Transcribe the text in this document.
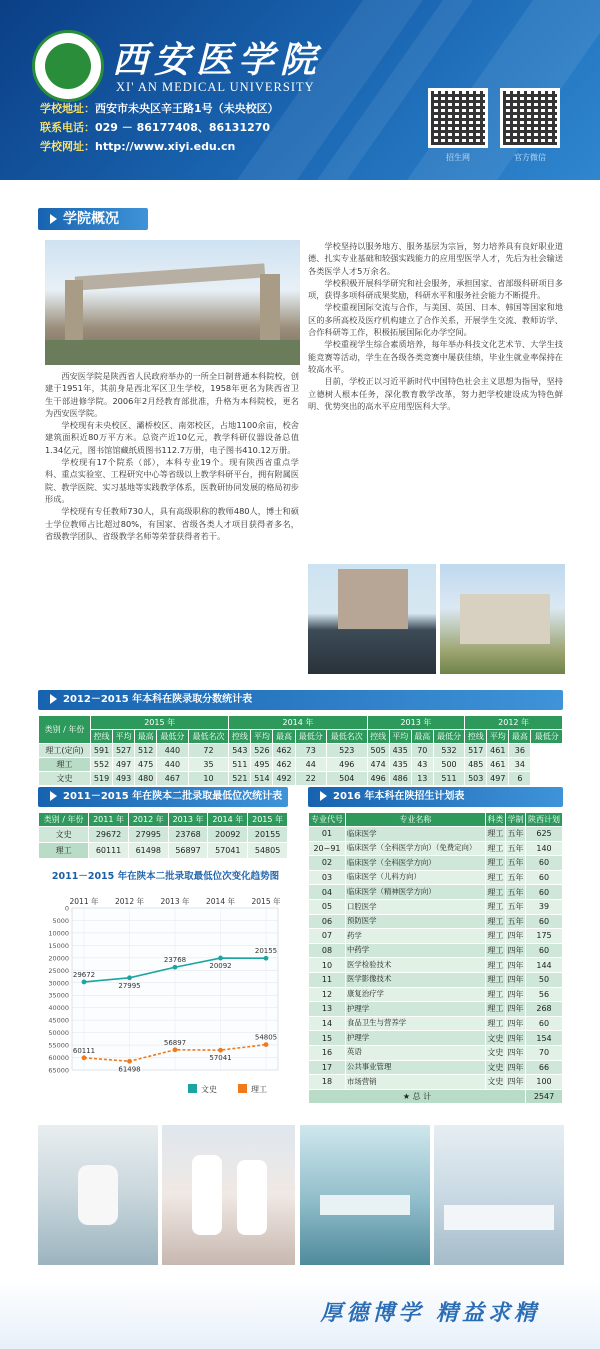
西安医学院
XI' AN MEDICAL UNIVERSITY
学校地址：西安市未央区辛王路1号（未央校区）
联系电话：029 － 86177408、86131270
学校网址：http://www.xiyi.edu.cn
招生网	官方微信
学院概况

西安医学院是陕西省人民政府举办的一所全日制普通本科院校，创建于1951年，其前身是西北军区卫生学校，1958年更名为陕西省卫生干部进修学院。2006年2月经教育部批准，升格为本科院校，更名为西安医学院。

学校现有未央校区、灞桥校区、南郊校区，占地1100余亩，校舍建筑面积近80万平方米。总资产近10亿元，教学科研仪器设备总值1.34亿元，图书馆馆藏纸质图书112.7万册，电子图书410.12万册。

学校现有17个院系（部），本科专业19个。现有陕西省重点学科、重点实验室、工程研究中心等省级以上教学科研平台，拥有附属医院、教学医院、实习基地等实践教学体系，医教研协同发展的格局初步形成。

学校现有专任教师730人，具有高级职称的教师480人，博士和硕士学位教师占比超过80%，有国家、省级各类人才项目获得者多名，省级教学团队、省级教学名师等荣誉获得者若干。

学校坚持以服务地方、服务基层为宗旨，努力培养具有良好职业道德、扎实专业基础和较强实践能力的应用型医学人才，先后为社会输送各类医学人才5万余名。

学校积极开展科学研究和社会服务，承担国家、省部级科研项目多项，获得多项科研成果奖励，科研水平和服务社会能力不断提升。

学校重视国际交流与合作，与美国、英国、日本、韩国等国家和地区的多所高校及医疗机构建立了合作关系，开展学生交流、教师访学、合作科研等工作，积极拓展国际化办学空间。

学校重视学生综合素质培养，每年举办科技文化艺术节、大学生技能竞赛等活动，学生在各级各类竞赛中屡获佳绩，毕业生就业率保持在较高水平。

目前，学校正以习近平新时代中国特色社会主义思想为指导，坚持立德树人根本任务，深化教育教学改革，努力把学校建设成为特色鲜明、优势突出的高水平应用型医科大学。

2012－2015 年本科在陕录取分数统计表
类别 / 年份	2015 年					2014 年					2013 年				2012 年			
	控线	平均	最高	最低分	最低名次	控线	平均	最高	最低分	最低名次	控线	平均	最高	最低分	控线	平均	最高	最低分
理工(定向)	591	527	512	440	72	543	526	462	73	523	505	435	70	532	517	461	36	
理工	552	497	475	440	35	511	495	462	44	496	474	435	43	500	485	461	34	
文史	519	493	480	467	10	521	514	492	22	504	496	486	13	511	503	497	6	
2011－2015 年在陕本二批录取最低位次统计表
类别 / 年份	2011 年	2012 年	2013 年	2014 年	2015 年
文史	29672	27995	23768	20092	20155
理工	60111	61498	56897	57041	54805
2016 年本科在陕招生计划表
专业代号	专业名称	科类	学制	陕西计划
01	临床医学	理工	五年	625
20~91	临床医学（全科医学方向）（免费定向）	理工	五年	140
02	临床医学（全科医学方向）	理工	五年	60
03	临床医学（儿科方向）	理工	五年	60
04	临床医学（精神医学方向）	理工	五年	60
05	口腔医学	理工	五年	39
06	预防医学	理工	五年	60
07	药学	理工	四年	175
08	中药学	理工	四年	60
10	医学检验技术	理工	四年	144
11	医学影像技术	理工	四年	50
12	康复治疗学	理工	四年	56
13	护理学	理工	四年	268
14	食品卫生与营养学	理工	四年	60
15	护理学	文史	四年	154
16	英语	文史	四年	70
17	公共事业管理	文史	四年	66
18	市场营销	文史	四年	100
★ 总 计				2547
2011－2015 年在陕本二批录取最低位次变化趋势图
0
5000
10000
15000
20000
25000
30000
35000
40000
45000
50000
55000
60000
65000
2011 年 2012 年 2013 年 2014 年 2015 年
29672
27995
23768
20092
20155
60111
61498
56897
57041
54805
文史	理工
厚德博学 精益求精
